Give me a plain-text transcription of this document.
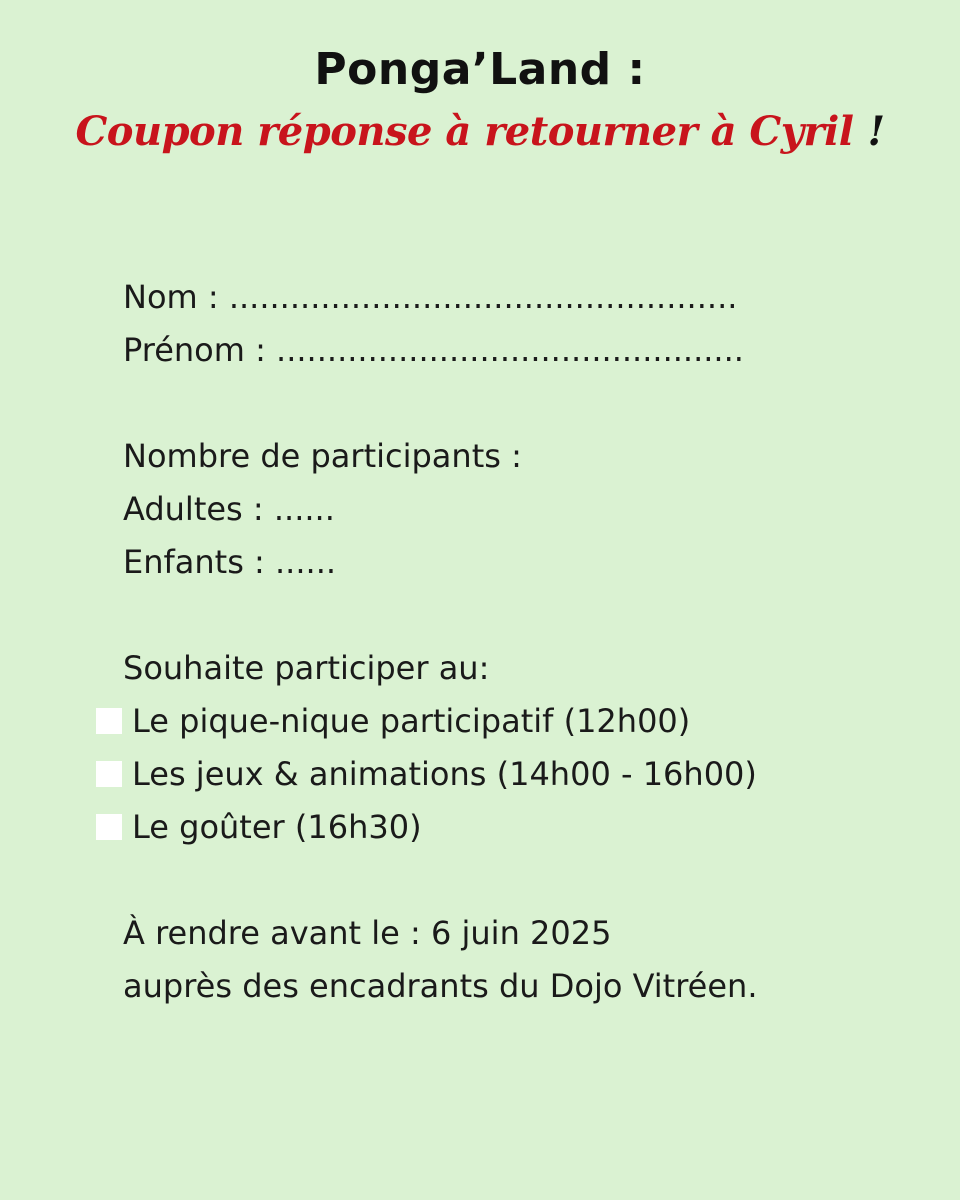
Ponga’Land :
Coupon réponse à retourner à Cyril !
Nom : ..................................................
Prénom : ..............................................
Nombre de participants :
Adultes : ......
Enfants : ......
Souhaite participer au:
Le pique-nique participatif (12h00)
Les jeux & animations (14h00 - 16h00)
Le goûter (16h30)
À rendre avant le : 6 juin 2025
auprès des encadrants du Dojo Vitréen.
